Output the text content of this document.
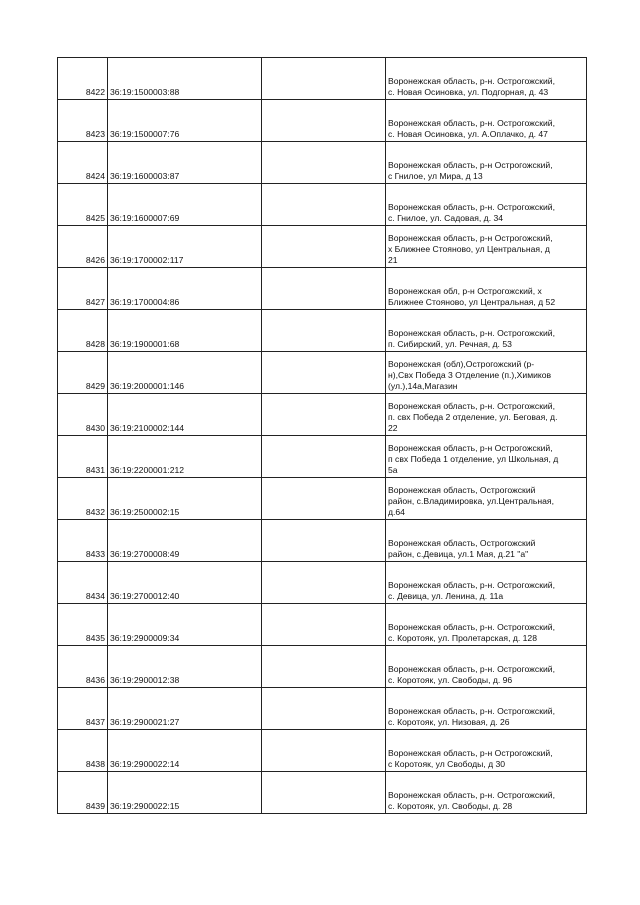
8422	36:19:1500003:88		Воронежская область, р-н. Острогожский,
с. Новая Осиновка, ул. Подгорная, д. 43

8423	36:19:1500007:76		Воронежская область, р-н. Острогожский,
с. Новая Осиновка, ул. А.Оплачко, д. 47

8424	36:19:1600003:87		Воронежская область, р-н Острогожский,
с Гнилое, ул Мира, д 13

8425	36:19:1600007:69		Воронежская область, р-н. Острогожский,
с. Гнилое, ул. Садовая, д. 34

8426	36:19:1700002:117		Воронежская область, р-н Острогожский,
х Ближнее Стояново, ул Центральная, д
21

8427	36:19:1700004:86		Воронежская обл, р-н Острогожский, х
Ближнее Стояново, ул Центральная, д 52

8428	36:19:1900001:68		Воронежская область, р-н. Острогожский,
п. Сибирский, ул. Речная, д. 53

8429	36:19:2000001:146		Воронежская (обл),Острогожский (р-
н),Свх Победа 3 Отделение (п.),Химиков
(ул.),14а,Магазин

8430	36:19:2100002:144		Воронежская область, р-н. Острогожский,
п. свх Победа 2 отделение, ул. Беговая, д.
22

8431	36:19:2200001:212		Воронежская область, р-н Острогожский,
п свх Победа 1 отделение, ул Школьная, д
5а

8432	36:19:2500002:15		Воронежская область, Острогожский
район, с.Владимировка, ул.Центральная,
д.64

8433	36:19:2700008:49		Воронежская область, Острогожский
район, с.Девица, ул.1 Мая, д.21 "а"

8434	36:19:2700012:40		Воронежская область, р-н. Острогожский,
с. Девица, ул. Ленина, д. 11а

8435	36:19:2900009:34		Воронежская область, р-н. Острогожский,
с. Коротояк, ул. Пролетарская, д. 128

8436	36:19:2900012:38		Воронежская область, р-н. Острогожский,
с. Коротояк, ул. Свободы, д. 96

8437	36:19:2900021:27		Воронежская область, р-н. Острогожский,
с. Коротояк, ул. Низовая, д. 26

8438	36:19:2900022:14		Воронежская область, р-н Острогожский,
с Коротояк, ул Свободы, д 30

8439	36:19:2900022:15		Воронежская область, р-н. Острогожский,
с. Коротояк, ул. Свободы, д. 28
